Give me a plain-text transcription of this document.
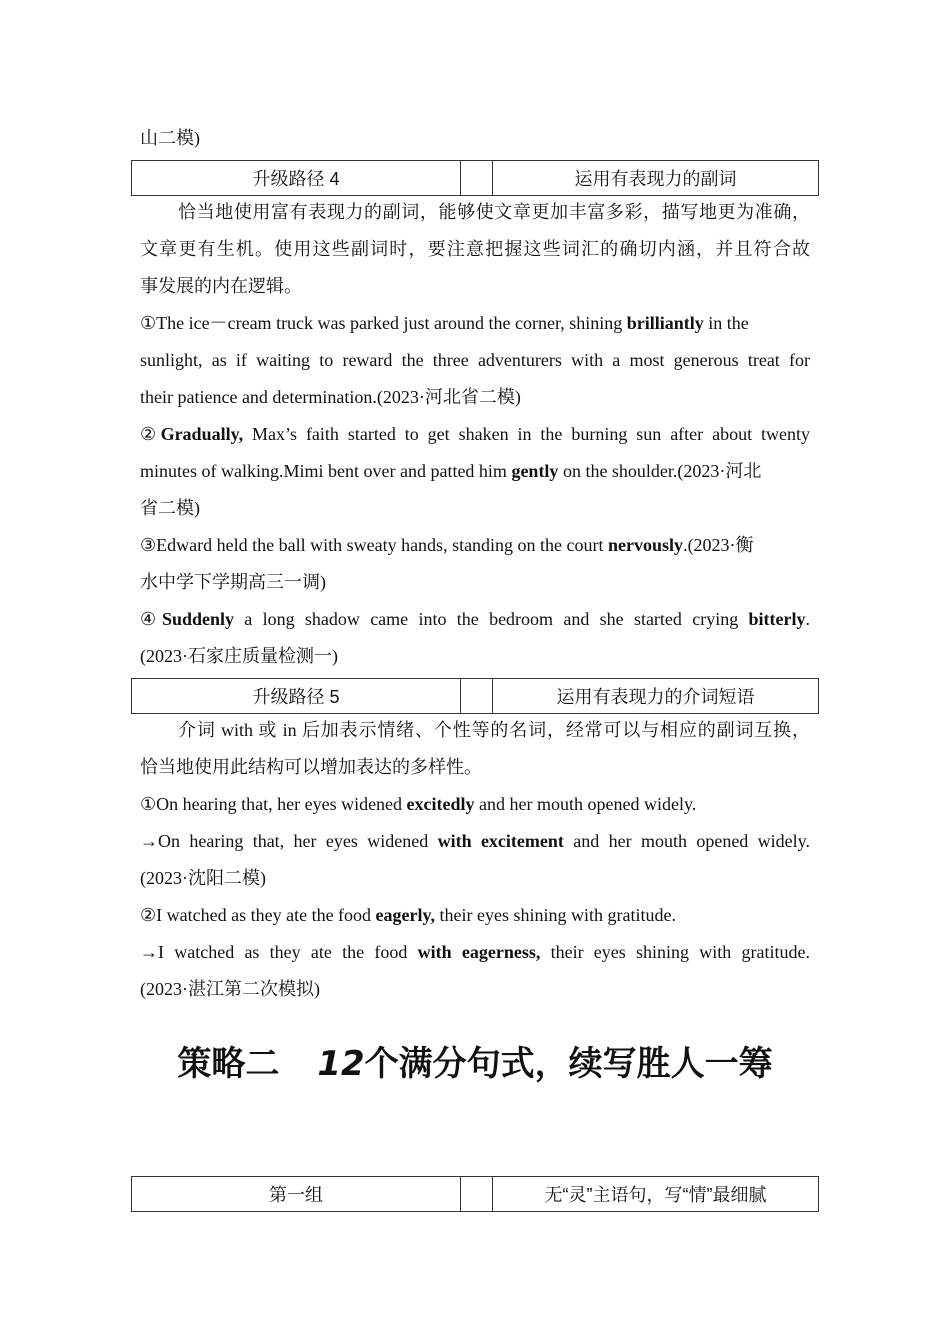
山二模)
升级路径 4	运用有表现力的副词
恰当地使用富有表现力的副词，能够使文章更加丰富多彩，描写地更为准确，
文章更有生机。使用这些副词时，要注意把握这些词汇的确切内涵，并且符合故
事发展的内在逻辑。
①The ice－cream truck was parked just around the corner, shining brilliantly in the
sunlight, as if waiting to reward the three adventurers with a most generous treat for
their patience and determination.(2023·河北省二模)
②Gradually, Max’s faith started to get shaken in the burning sun after about twenty
minutes of walking.Mimi bent over and patted him gently on the shoulder.(2023·河北
省二模)
③Edward held the ball with sweaty hands, standing on the court nervously.(2023·衡
水中学下学期高三一调)
④Suddenly a long shadow came into the bedroom and she started crying bitterly.
(2023·石家庄质量检测一)
升级路径 5	运用有表现力的介词短语
介词 with 或 in 后加表示情绪、个性等的名词，经常可以与相应的副词互换，
恰当地使用此结构可以增加表达的多样性。
①On hearing that, her eyes widened excitedly and her mouth opened widely.
→On hearing that, her eyes widened with excitement and her mouth opened widely.
(2023·沈阳二模)
②I watched as they ate the food eagerly, their eyes shining with gratitude.
→I watched as they ate the food with eagerness, their eyes shining with gratitude.
(2023·湛江第二次模拟)
策略二 12个满分句式，续写胜人一筹
第一组	无“灵”主语句，写“情”最细腻
